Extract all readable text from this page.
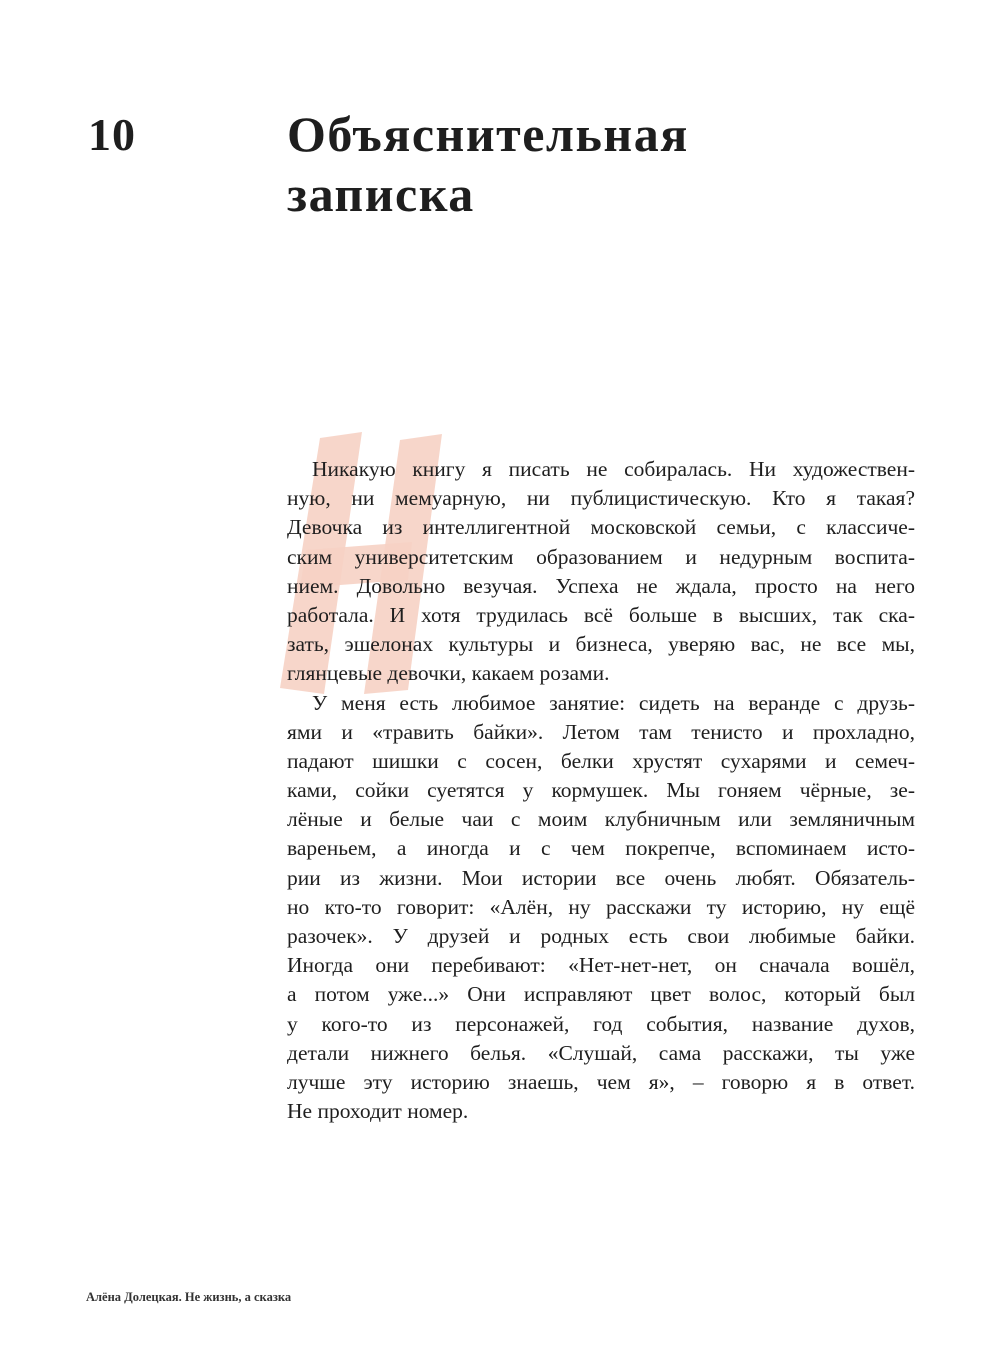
10	Объяснительная
записка
Никакую книгу я писать не собиралась. Ни художествен-
ную, ни мемуарную, ни публицистическую. Кто я такая?
Девочка из интеллигентной московской семьи, с классиче-
ским университетским образованием и недурным воспита-
нием. Довольно везучая. Успеха не ждала, просто на него
работала. И хотя трудилась всё больше в высших, так ска-
зать, эшелонах культуры и бизнеса, уверяю вас, не все мы,
глянцевые девочки, какаем розами.
У меня есть любимое занятие: сидеть на веранде с друзь-
ями и «травить байки». Летом там тенисто и прохладно,
падают шишки с сосен, белки хрустят сухарями и семеч-
ками, сойки суетятся у кормушек. Мы гоняем чёрные, зе-
лёные и белые чаи с моим клубничным или земляничным
вареньем, а иногда и с чем покрепче, вспоминаем исто-
рии из жизни. Мои истории все очень любят. Обязатель-
но кто-то говорит: «Алён, ну расскажи ту историю, ну ещё
разочек». У друзей и родных есть свои любимые байки.
Иногда они перебивают: «Нет-нет-нет, он сначала вошёл,
а потом уже...» Они исправляют цвет волос, который был
у кого-то из персонажей, год события, название духов,
детали нижнего белья. «Слушай, сама расскажи, ты уже
лучше эту историю знаешь, чем я», – говорю я в ответ.
Не проходит номер.
Алёна Долецкая. Не жизнь, а сказка
